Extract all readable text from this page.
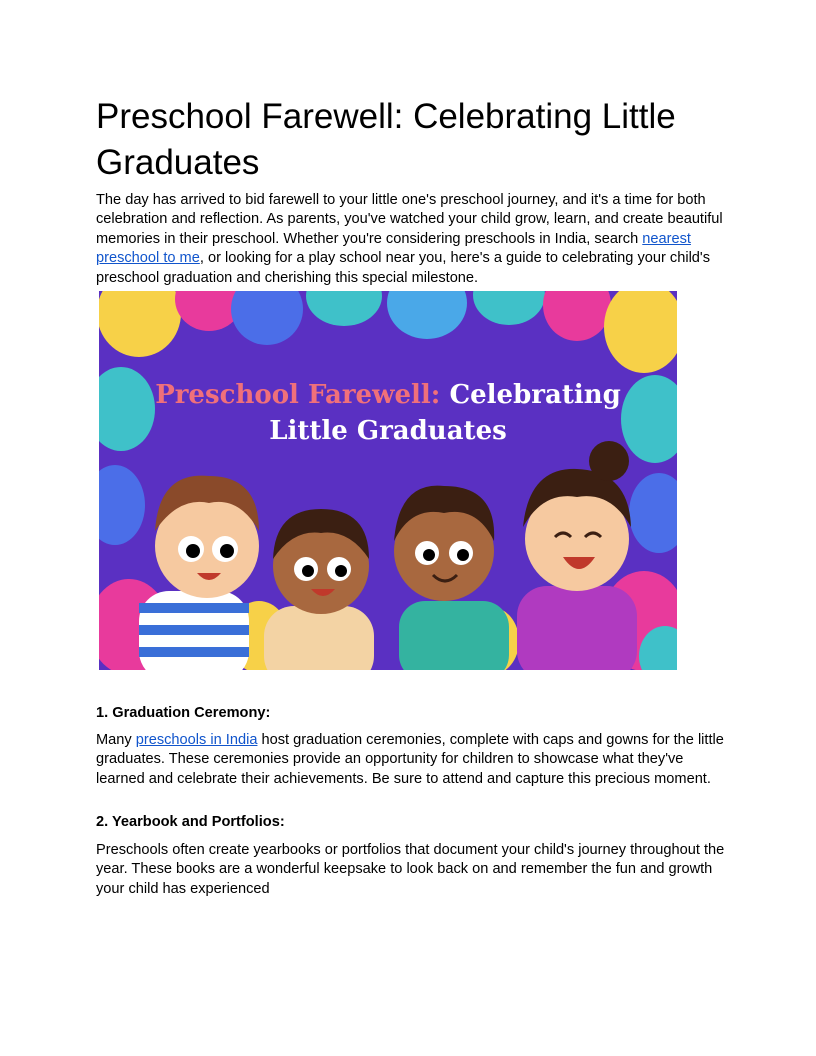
Preschool Farewell: Celebrating Little Graduates

The day has arrived to bid farewell to your little one's preschool journey, and it's a time for both celebration and reflection. As parents, you've watched your child grow, learn, and create beautiful memories in their preschool. Whether you're considering preschools in India, search nearest preschool to me, or looking for a play school near you, here's a guide to celebrating your child's preschool graduation and cherishing this special milestone.

Preschool Farewell: Celebrating
Little Graduates
1. Graduation Ceremony:

Many preschools in India host graduation ceremonies, complete with caps and gowns for the little graduates. These ceremonies provide an opportunity for children to showcase what they've learned and celebrate their achievements. Be sure to attend and capture this precious moment.

2. Yearbook and Portfolios:

Preschools often create yearbooks or portfolios that document your child's journey throughout the year. These books are a wonderful keepsake to look back on and remember the fun and growth your child has experienced
